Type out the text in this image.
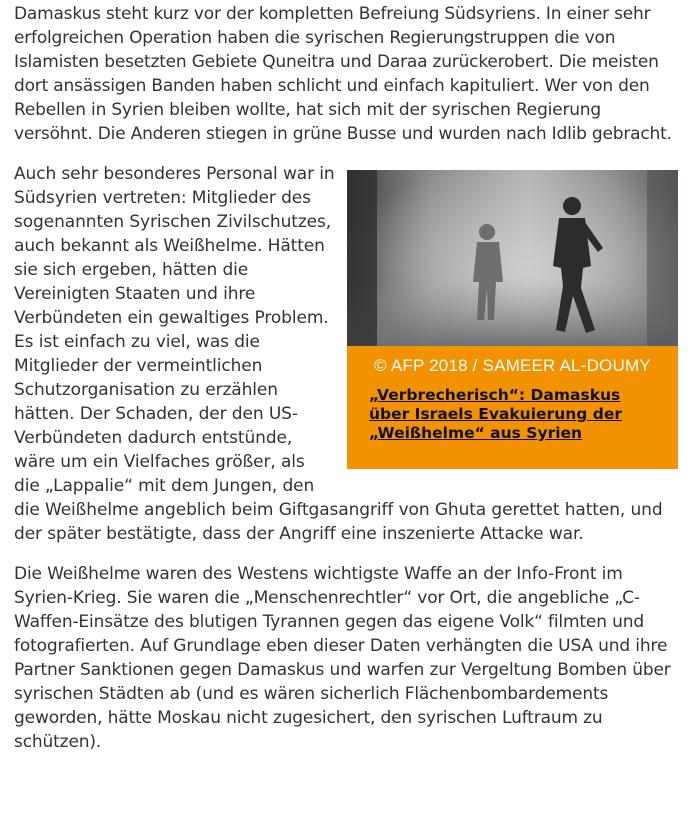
Damaskus steht kurz vor der kompletten Befreiung Südsyriens. In einer sehr erfolgreichen Operation haben die syrischen Regierungstruppen die von Islamisten besetzten Gebiete Quneitra und Daraa zurückerobert. Die meisten dort ansässigen Banden haben schlicht und einfach kapituliert. Wer von den Rebellen in Syrien bleiben wollte, hat sich mit der syrischen Regierung versöhnt. Die Anderen stiegen in grüne Busse und wurden nach Idlib gebracht.

© AFP 2018 / SAMEER AL-DOUMY
„Verbrecherisch“: Damaskus über Israels Evakuierung der „Weißhelme“ aus Syrien

Auch sehr besonderes Personal war in Südsyrien vertreten: Mitglieder des sogenannten Syrischen Zivilschutzes, auch bekannt als Weißhelme. Hätten sie sich ergeben, hätten die Vereinigten Staaten und ihre Verbündeten ein gewaltiges Problem. Es ist einfach zu viel, was die Mitglieder der vermeintlichen Schutzorganisation zu erzählen hätten. Der Schaden, der den US-Verbündeten dadurch entstünde, wäre um ein Vielfaches größer, als die „Lappalie“ mit dem Jungen, den die Weißhelme angeblich beim Giftgasangriff von Ghuta gerettet hatten, und der später bestätigte, dass der Angriff eine inszenierte Attacke war.

Die Weißhelme waren des Westens wichtigste Waffe an der Info-Front im Syrien-Krieg. Sie waren die „Menschenrechtler“ vor Ort, die angebliche „C-Waffen-Einsätze des blutigen Tyrannen gegen das eigene Volk“ filmten und fotografierten. Auf Grundlage eben dieser Daten verhängten die USA und ihre Partner Sanktionen gegen Damaskus und warfen zur Vergeltung Bomben über syrischen Städten ab (und es wären sicherlich Flächenbombardements geworden, hätte Moskau nicht zugesichert, den syrischen Luftraum zu schützen).
